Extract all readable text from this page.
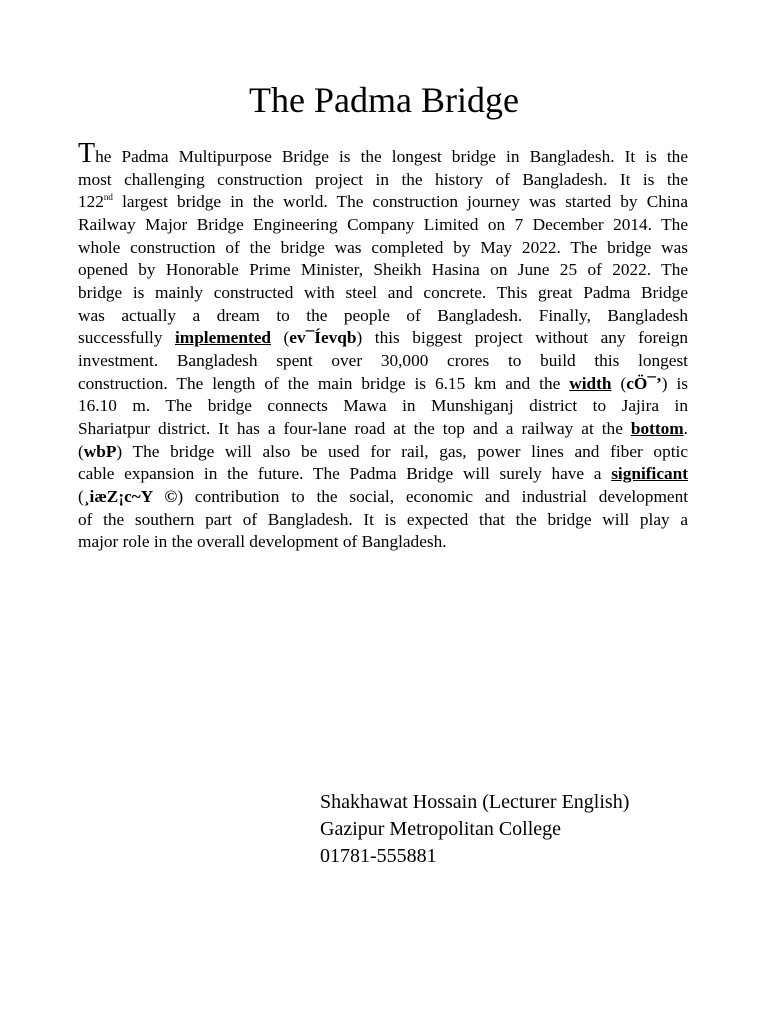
The Padma Bridge
The Padma Multipurpose Bridge is the longest bridge in Bangladesh. It is the
most challenging construction project in the history of Bangladesh. It is the
122nd largest bridge in the world. The construction journey was started by China
Railway Major Bridge Engineering Company Limited on 7 December 2014. The
whole construction of the bridge was completed by May 2022. The bridge was
opened by Honorable Prime Minister, Sheikh Hasina on June 25 of 2022. The
bridge is mainly constructed with steel and concrete. This great Padma Bridge
was actually a dream to the people of Bangladesh. Finally, Bangladesh
successfully implemented (ev¯Íevqb) this biggest project without any foreign
investment. Bangladesh spent over 30,000 crores to build this longest
construction. The length of the main bridge is 6.15 km and the width (cÖ¯’) is
16.10 m. The bridge connects Mawa in Munshiganj district to Jajira in
Shariatpur district. It has a four-lane road at the top and a railway at the bottom.
(wbP) The bridge will also be used for rail, gas, power lines and fiber optic
cable expansion in the future. The Padma Bridge will surely have a significant
(¸iæZ¡c~Y ©) contribution to the social, economic and industrial development
of the southern part of Bangladesh. It is expected that the bridge will play a
major role in the overall development of Bangladesh.
Shakhawat Hossain (Lecturer English)
Gazipur Metropolitan College
01781-555881
